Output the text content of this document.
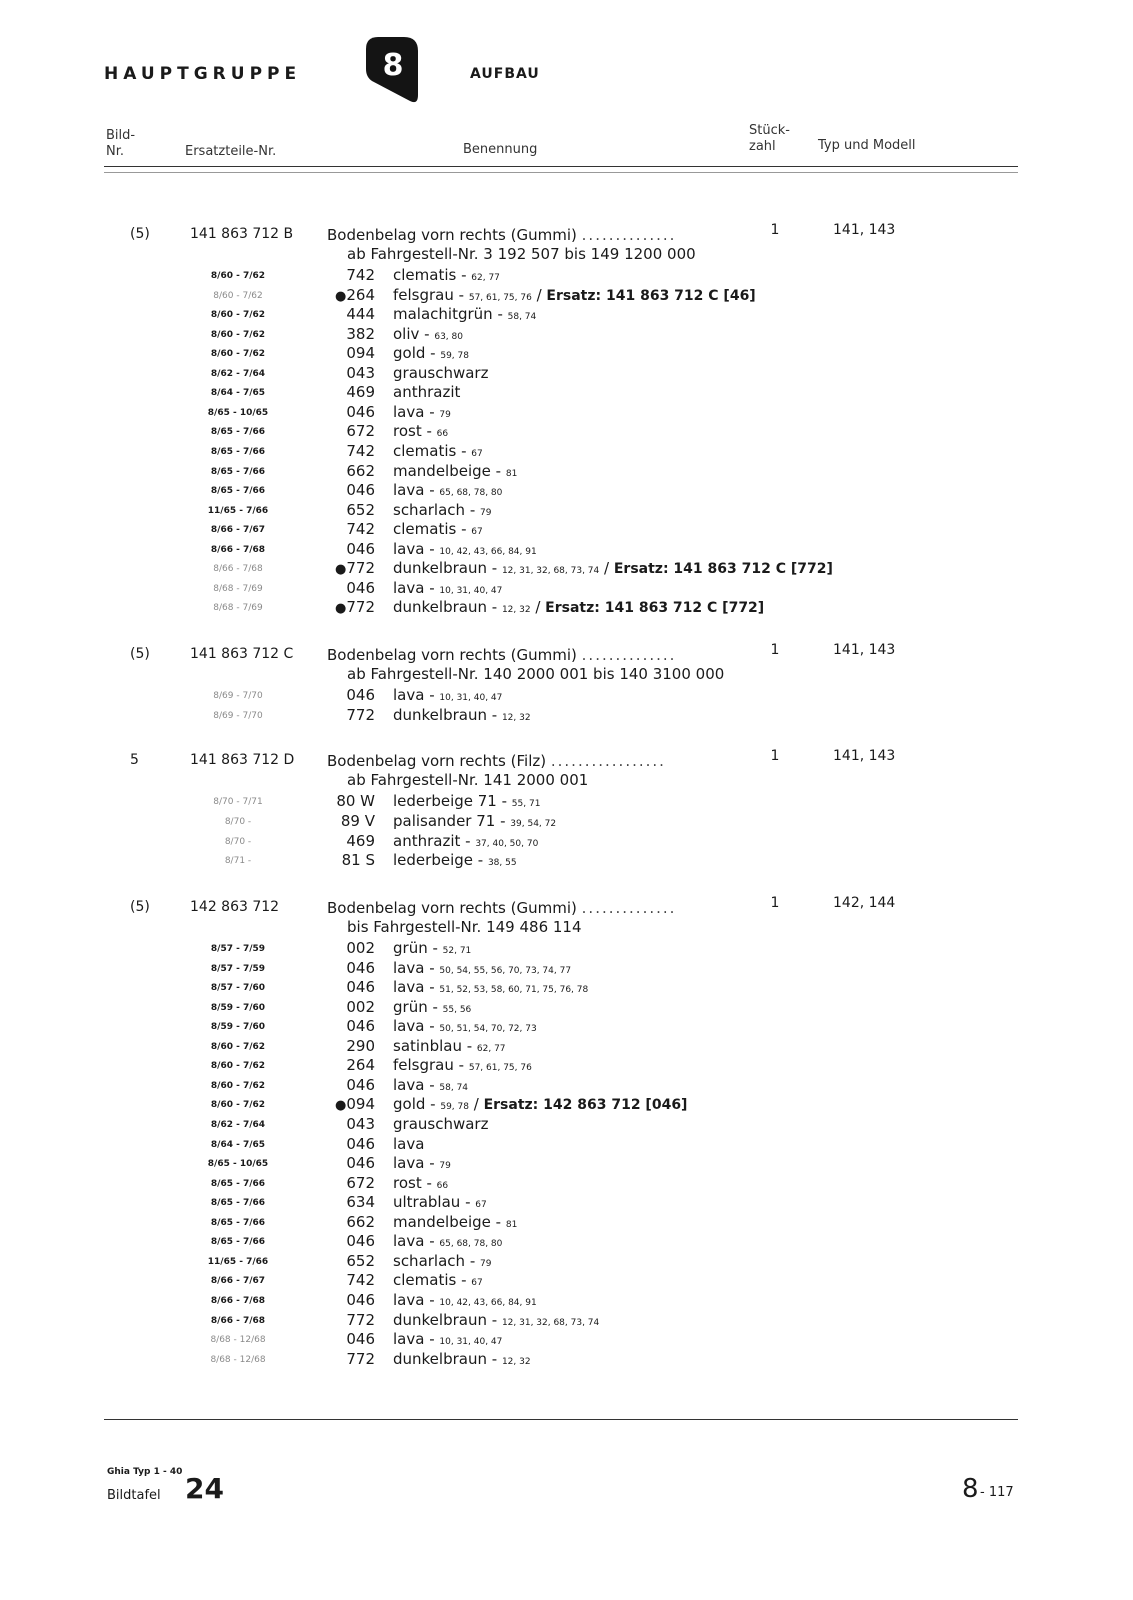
HAUPTGRUPPE	8	AUFBAU
Bild-
Nr.	Ersatzteile-Nr.	Benennung
Stück-
zahl	Typ und Modell
(5)	141 863 712 B Bodenbelag vorn rechts (Gummi) ..............	1	141, 143
ab Fahrgestell-Nr. 3 192 507 bis 149 1200 000
8/60 - 7/62	742 clematis - 62, 77
8/60 - 7/62	●264 felsgrau - 57, 61, 75, 76 / Ersatz: 141 863 712 C [46]
8/60 - 7/62	444 malachitgrün - 58, 74
8/60 - 7/62	382 oliv - 63, 80
8/60 - 7/62	094 gold - 59, 78
8/62 - 7/64	043 grauschwarz
8/64 - 7/65	469 anthrazit
8/65 - 10/65	046 lava - 79
8/65 - 7/66	672 rost - 66
8/65 - 7/66	742 clematis - 67
8/65 - 7/66	662 mandelbeige - 81
8/65 - 7/66	046 lava - 65, 68, 78, 80
11/65 - 7/66	652 scharlach - 79
8/66 - 7/67	742 clematis - 67
8/66 - 7/68	046 lava - 10, 42, 43, 66, 84, 91
8/66 - 7/68	●772 dunkelbraun - 12, 31, 32, 68, 73, 74 / Ersatz: 141 863 712 C [772]
8/68 - 7/69	046 lava - 10, 31, 40, 47
8/68 - 7/69	●772 dunkelbraun - 12, 32 / Ersatz: 141 863 712 C [772]
(5)	141 863 712 C Bodenbelag vorn rechts (Gummi) ..............	1	141, 143
ab Fahrgestell-Nr. 140 2000 001 bis 140 3100 000
8/69 - 7/70	046 lava - 10, 31, 40, 47
8/69 - 7/70	772 dunkelbraun - 12, 32
5	141 863 712 D Bodenbelag vorn rechts (Filz) .................	1	141, 143
ab Fahrgestell-Nr. 141 2000 001
8/70 - 7/71	80 W lederbeige 71 - 55, 71
8/70 -	89 V palisander 71 - 39, 54, 72
8/70 -	469 anthrazit - 37, 40, 50, 70
8/71 -	81 S lederbeige - 38, 55
(5)	142 863 712	Bodenbelag vorn rechts (Gummi) ..............	1	142, 144
bis Fahrgestell-Nr. 149 486 114
8/57 - 7/59	002 grün - 52, 71
8/57 - 7/59	046 lava - 50, 54, 55, 56, 70, 73, 74, 77
8/57 - 7/60	046 lava - 51, 52, 53, 58, 60, 71, 75, 76, 78
8/59 - 7/60	002 grün - 55, 56
8/59 - 7/60	046 lava - 50, 51, 54, 70, 72, 73
8/60 - 7/62	290 satinblau - 62, 77
8/60 - 7/62	264 felsgrau - 57, 61, 75, 76
8/60 - 7/62	046 lava - 58, 74
8/60 - 7/62	●094 gold - 59, 78 / Ersatz: 142 863 712 [046]
8/62 - 7/64	043 grauschwarz
8/64 - 7/65	046 lava
8/65 - 10/65	046 lava - 79
8/65 - 7/66	672 rost - 66
8/65 - 7/66	634 ultrablau - 67
8/65 - 7/66	662 mandelbeige - 81
8/65 - 7/66	046 lava - 65, 68, 78, 80
11/65 - 7/66	652 scharlach - 79
8/66 - 7/67	742 clematis - 67
8/66 - 7/68	046 lava - 10, 42, 43, 66, 84, 91
8/66 - 7/68	772 dunkelbraun - 12, 31, 32, 68, 73, 74
8/68 - 12/68	046 lava - 10, 31, 40, 47
8/68 - 12/68	772 dunkelbraun - 12, 32
Ghia Typ 1 - 40
Bildtafel 24	8 - 117
